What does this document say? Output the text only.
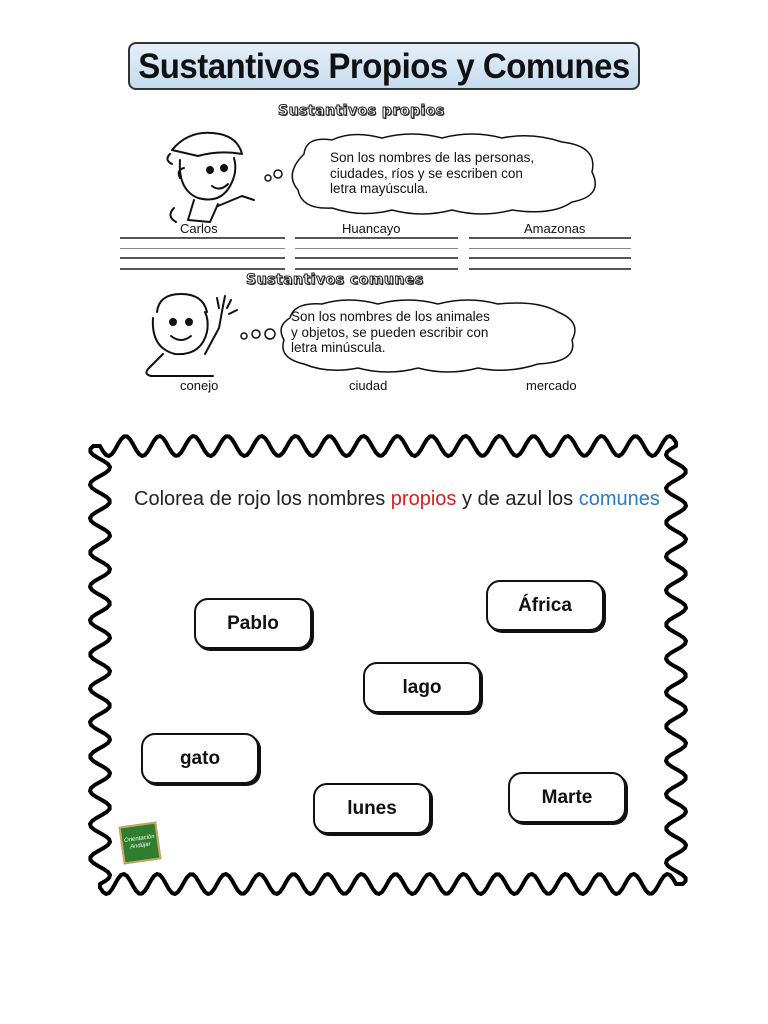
Sustantivos Propios y Comunes
Sustantivos propios
Son los nombres de las personas,
ciudades, ríos y se escriben con
letra mayúscula.
Carlos	Huancayo	Amazonas
Sustantivos comunes
Son los nombres de los animales
y objetos, se pueden escribir con
letra minúscula.
conejo	ciudad	mercado
Colorea de rojo los nombres propios y de azul los comunes
Pablo
África
lago
gato
lunes
Marte
Orientación
Andújar
